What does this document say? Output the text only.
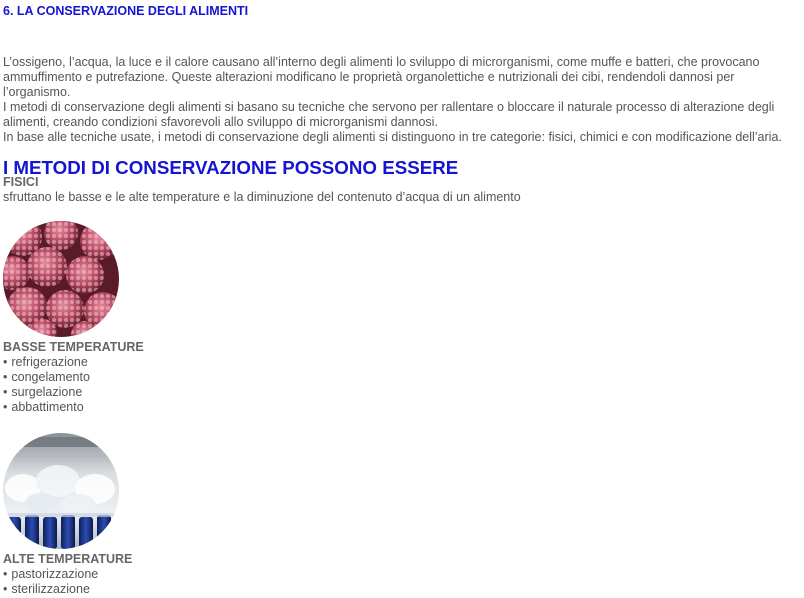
6. LA CONSERVAZIONE DEGLI ALIMENTI

L’ossigeno, l’acqua, la luce e il calore causano all’interno degli alimenti lo sviluppo di microrganismi, come muffe e batteri, che provocano ammuffimento e putrefazione. Queste alterazioni modificano le proprietà organolettiche e nutrizionali dei cibi, rendendoli dannosi per l’organismo.

I metodi di conservazione degli alimenti si basano su tecniche che servono per rallentare o bloccare il naturale processo di alterazione degli alimenti, creando condizioni sfavorevoli allo sviluppo di microrganismi dannosi.

In base alle tecniche usate, i metodi di conservazione degli alimenti si distinguono in tre categorie: fisici, chimici e con modificazione dell’aria.

I METODI DI CONSERVAZIONE POSSONO ESSERE
FISICI
sfruttano le basse e le alte temperature e la diminuzione del contenuto d’acqua di un alimento
BASSE TEMPERATURE
• refrigerazione
• congelamento
• surgelazione
• abbattimento
ALTE TEMPERATURE
• pastorizzazione
• sterilizzazione
